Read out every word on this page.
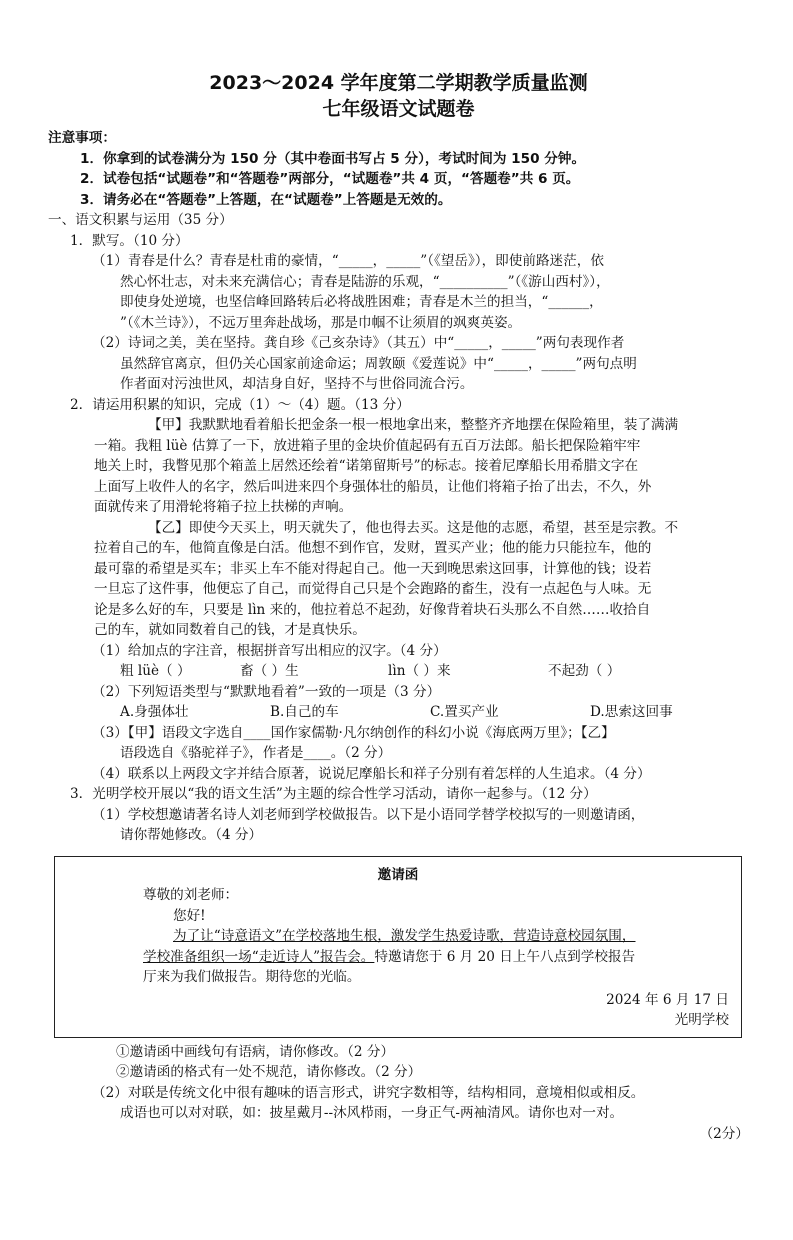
2023～2024 学年度第二学期教学质量监测
七年级语文试题卷
注意事项：
1．你拿到的试卷满分为 150 分（其中卷面书写占 5 分），考试时间为 150 分钟。
2．试卷包括“试题卷”和“答题卷”两部分，“试题卷”共 4 页，“答题卷”共 6 页。
3．请务必在“答题卷”上答题，在“试题卷”上答题是无效的。
一、语文积累与运用（35 分）
1．默写。（10 分）
（1）青春是什么？青春是杜甫的豪情，“_____，_____”（《望岳》），即使前路迷茫，依
然心怀壮志，对未来充满信心；青春是陆游的乐观，“__________”（《游山西村》），
即使身处逆境，也坚信峰回路转后必将战胜困难；青春是木兰的担当，“______，
”（《木兰诗》），不远万里奔赴战场，那是巾帼不让须眉的飒爽英姿。
（2）诗词之美，美在坚持。龚自珍《己亥杂诗》（其五）中“_____，_____”两句表现作者
虽然辞官离京，但仍关心国家前途命运；周敦颐《爱莲说》中“_____，_____”两句点明
作者面对污浊世风，却洁身自好，坚持不与世俗同流合污。
2．请运用积累的知识，完成（1）～（4）题。（13 分）
【甲】我默默地看着船长把金条一根一根地拿出来，整整齐齐地摆在保险箱里，装了满满
一箱。我粗 lüè 估算了一下，放进箱子里的金块价值起码有五百万法郎。船长把保险箱牢牢
地关上时，我瞥见那个箱盖上居然还绘着“诺第留斯号”的标志。接着尼摩船长用希腊文字在
上面写上收件人的名字，然后叫进来四个身强体壮的船员，让他们将箱子抬了出去，不久，外
面就传来了用滑轮将箱子拉上扶梯的声响。
【乙】即使今天买上，明天就失了，他也得去买。这是他的志愿，希望，甚至是宗教。不
拉着自己的车，他简直像是白活。他想不到作官，发财，置买产业；他的能力只能拉车，他的
最可靠的希望是买车；非买上车不能对得起自己。他一天到晚思索这回事，计算他的钱；设若
一旦忘了这件事，他便忘了自己，而觉得自己只是个会跑路的畜生，没有一点起色与人味。无
论是多么好的车，只要是 lìn 来的，他拉着总不起劲，好像背着块石头那么不自然……收拾自
己的车，就如同数着自己的钱，才是真快乐。
（1）给加点的字注音，根据拼音写出相应的汉字。（4 分）
粗 lüè（ ）	畜（ ）生	lìn（ ）来	不起劲（ ）
（2）下列短语类型与“默默地看着”一致的一项是（3 分）
A.身强体壮	B.自己的车	C.置买产业	D.思索这回事
（3）【甲】语段文字选自____国作家儒勒·凡尔纳创作的科幻小说《海底两万里》；【乙】
语段选自《骆驼祥子》，作者是____。（2 分）
（4）联系以上两段文字并结合原著，说说尼摩船长和祥子分别有着怎样的人生追求。（4 分）
3．光明学校开展以“我的语文生活”为主题的综合性学习活动，请你一起参与。（12 分）
（1）学校想邀请著名诗人刘老师到学校做报告。以下是小语同学替学校拟写的一则邀请函，
请你帮她修改。（4 分）
邀请函
尊敬的刘老师：
您好!
为了让“诗意语文”在学校落地生根，激发学生热爱诗歌，营造诗意校园氛围，
学校准备组织一场“走近诗人”报告会。特邀请您于 6 月 20 日上午八点到学校报告
厅来为我们做报告。期待您的光临。
2024 年 6 月 17 日
光明学校
①邀请函中画线句有语病，请你修改。（2 分）
②邀请函的格式有一处不规范，请你修改。（2 分）
（2）对联是传统文化中很有趣味的语言形式，讲究字数相等，结构相同，意境相似或相反。
成语也可以对对联，如：披星戴月--沐风栉雨，一身正气-两袖清风。请你也对一对。
（2分）
